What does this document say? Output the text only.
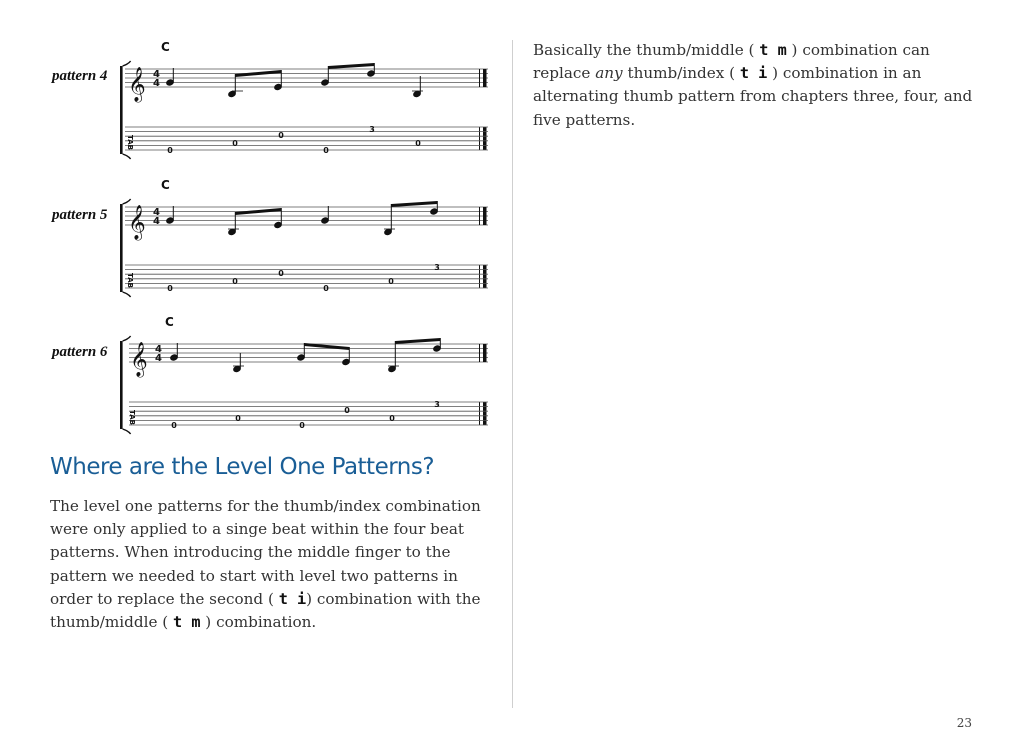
C
pattern 4 𝄞 4
4
TAB
0
0
0
0
3
0
C
pattern 5 𝄞 4
4
TAB
0
0
0
0
0
3
C
pattern 6 𝄞 4
4
TAB
0
0
0
0
0
3
Where are the Level One Patterns?

The level one patterns for the thumb/index combination were only applied to a singe beat within the four beat patterns. When introducing the middle finger to the pattern we needed to start with level two patterns in order to replace the second ( t i) combination with the thumb/middle ( t m ) combination.

Basically the thumb/middle ( t m ) combination can replace any thumb/index ( t i ) combination in an alternating thumb pattern from chapters three, four, and five patterns.

23
